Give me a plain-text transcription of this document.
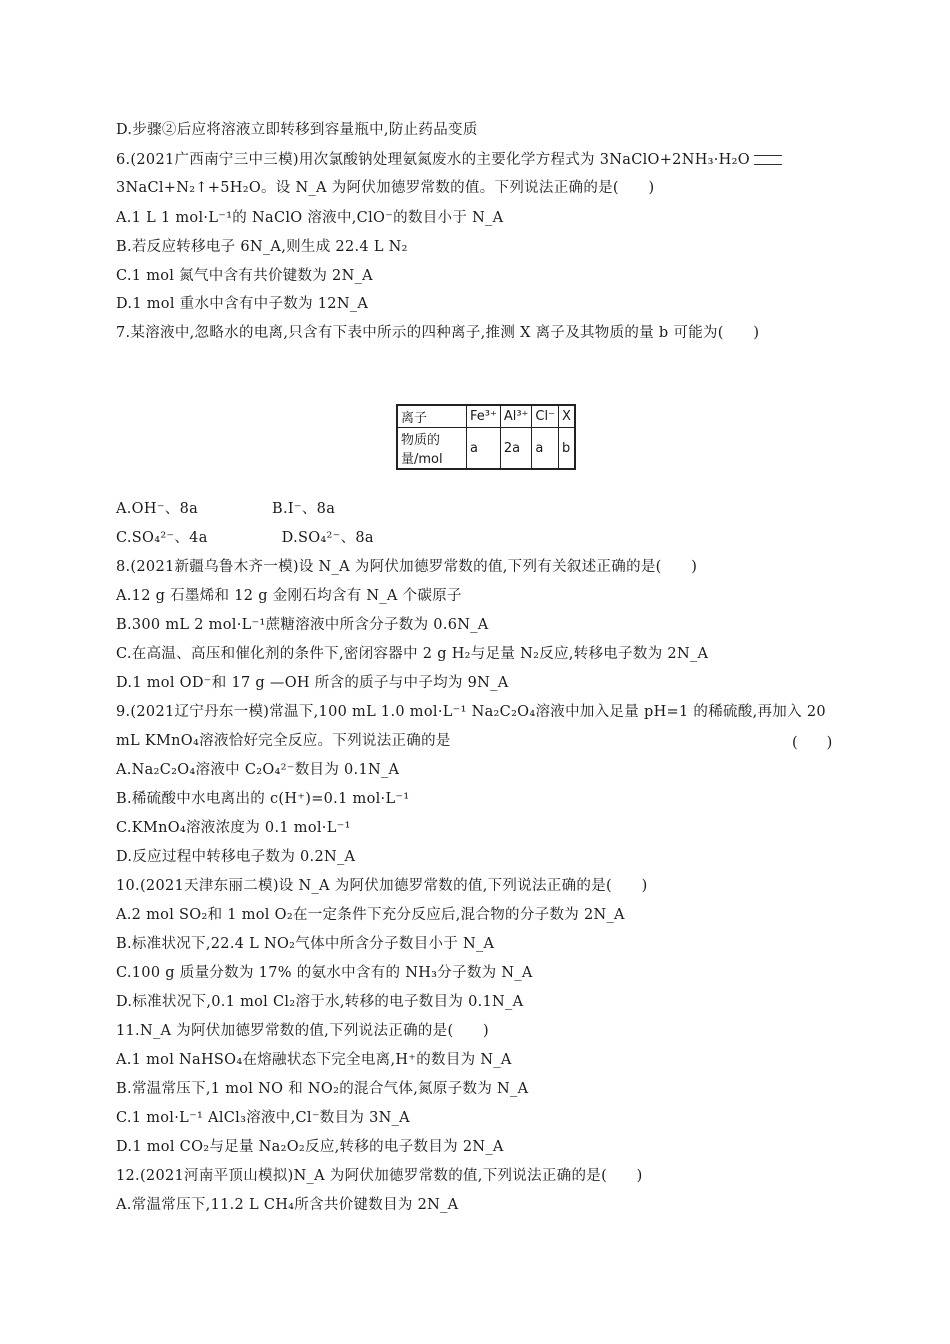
D.步骤②后应将溶液立即转移到容量瓶中,防止药品变质
6.(2021广西南宁三中三模)用次氯酸钠处理氨氮废水的主要化学方程式为 3NaClO+2NH₃·H₂O
3NaCl+N₂↑+5H₂O。设 N_A 为阿伏加德罗常数的值。下列说法正确的是(　　)
A.1 L 1 mol·L⁻¹的 NaClO 溶液中,ClO⁻的数目小于 N_A
B.若反应转移电子 6N_A,则生成 22.4 L N₂
C.1 mol 氮气中含有共价键数为 2N_A
D.1 mol 重水中含有中子数为 12N_A
7.某溶液中,忽略水的电离,只含有下表中所示的四种离子,推测 X 离子及其物质的量 b 可能为(　　)
离子	Fe³⁺	Al³⁺	Cl⁻	X
物质的量/mol	a	2a	a	b
A.OH⁻、8a　　　　　B.I⁻、8a
C.SO₄²⁻、4a　　　　　D.SO₄²⁻、8a
8.(2021新疆乌鲁木齐一模)设 N_A 为阿伏加德罗常数的值,下列有关叙述正确的是(　　)
A.12 g 石墨烯和 12 g 金刚石均含有 N_A 个碳原子
B.300 mL 2 mol·L⁻¹蔗糖溶液中所含分子数为 0.6N_A
C.在高温、高压和催化剂的条件下,密闭容器中 2 g H₂与足量 N₂反应,转移电子数为 2N_A
D.1 mol OD⁻和 17 g —OH 所含的质子与中子均为 9N_A
9.(2021辽宁丹东一模)常温下,100 mL 1.0 mol·L⁻¹ Na₂C₂O₄溶液中加入足量 pH=1 的稀硫酸,再加入 20
mL KMnO₄溶液恰好完全反应。下列说法正确的是	(　　)
A.Na₂C₂O₄溶液中 C₂O₄²⁻数目为 0.1N_A
B.稀硫酸中水电离出的 c(H⁺)=0.1 mol·L⁻¹
C.KMnO₄溶液浓度为 0.1 mol·L⁻¹
D.反应过程中转移电子数为 0.2N_A
10.(2021天津东丽二模)设 N_A 为阿伏加德罗常数的值,下列说法正确的是(　　)
A.2 mol SO₂和 1 mol O₂在一定条件下充分反应后,混合物的分子数为 2N_A
B.标准状况下,22.4 L NO₂气体中所含分子数目小于 N_A
C.100 g 质量分数为 17% 的氨水中含有的 NH₃分子数为 N_A
D.标准状况下,0.1 mol Cl₂溶于水,转移的电子数目为 0.1N_A
11.N_A 为阿伏加德罗常数的值,下列说法正确的是(　　)
A.1 mol NaHSO₄在熔融状态下完全电离,H⁺的数目为 N_A
B.常温常压下,1 mol NO 和 NO₂的混合气体,氮原子数为 N_A
C.1 mol·L⁻¹ AlCl₃溶液中,Cl⁻数目为 3N_A
D.1 mol CO₂与足量 Na₂O₂反应,转移的电子数目为 2N_A
12.(2021河南平顶山模拟)N_A 为阿伏加德罗常数的值,下列说法正确的是(　　)
A.常温常压下,11.2 L CH₄所含共价键数目为 2N_A
